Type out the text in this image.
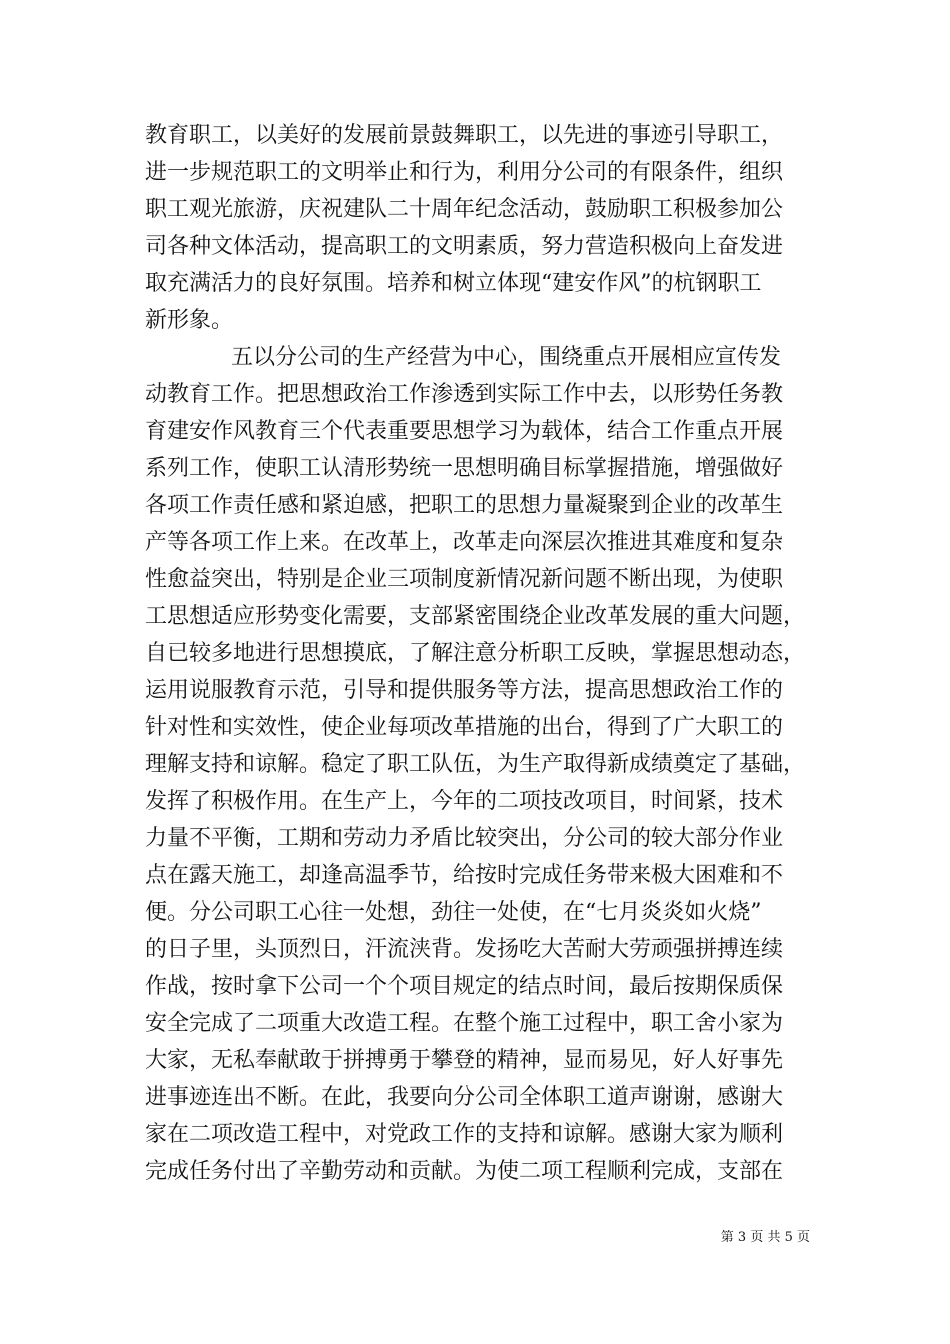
教育职工，以美好的发展前景鼓舞职工，以先进的事迹引导职工，
进一步规范职工的文明举止和行为，利用分公司的有限条件，组织
职工观光旅游，庆祝建队二十周年纪念活动，鼓励职工积极参加公
司各种文体活动，提高职工的文明素质，努力营造积极向上奋发进
取充满活力的良好氛围。培养和树立体现“建安作风”的杭钢职工
新形象。
五以分公司的生产经营为中心，围绕重点开展相应宣传发
动教育工作。把思想政治工作渗透到实际工作中去，以形势任务教
育建安作风教育三个代表重要思想学习为载体，结合工作重点开展
系列工作，使职工认清形势统一思想明确目标掌握措施，增强做好
各项工作责任感和紧迫感，把职工的思想力量凝聚到企业的改革生
产等各项工作上来。在改革上，改革走向深层次推进其难度和复杂
性愈益突出，特别是企业三项制度新情况新问题不断出现，为使职
工思想适应形势变化需要，支部紧密围绕企业改革发展的重大问题，
自已较多地进行思想摸底，了解注意分析职工反映，掌握思想动态，
运用说服教育示范，引导和提供服务等方法，提高思想政治工作的
针对性和实效性，使企业每项改革措施的出台，得到了广大职工的
理解支持和谅解。稳定了职工队伍，为生产取得新成绩奠定了基础，
发挥了积极作用。在生产上，今年的二项技改项目，时间紧，技术
力量不平衡，工期和劳动力矛盾比较突出，分公司的较大部分作业
点在露天施工，却逢高温季节，给按时完成任务带来极大困难和不
便。分公司职工心往一处想，劲往一处使，在“七月炎炎如火烧”
的日子里，头顶烈日，汗流浃背。发扬吃大苦耐大劳顽强拼搏连续
作战，按时拿下公司一个个项目规定的结点时间，最后按期保质保
安全完成了二项重大改造工程。在整个施工过程中，职工舍小家为
大家，无私奉献敢于拼搏勇于攀登的精神，显而易见，好人好事先
进事迹连出不断。在此，我要向分公司全体职工道声谢谢，感谢大
家在二项改造工程中，对党政工作的支持和谅解。感谢大家为顺利
完成任务付出了辛勤劳动和贡献。为使二项工程顺利完成，支部在
第 3 页 共 5 页
